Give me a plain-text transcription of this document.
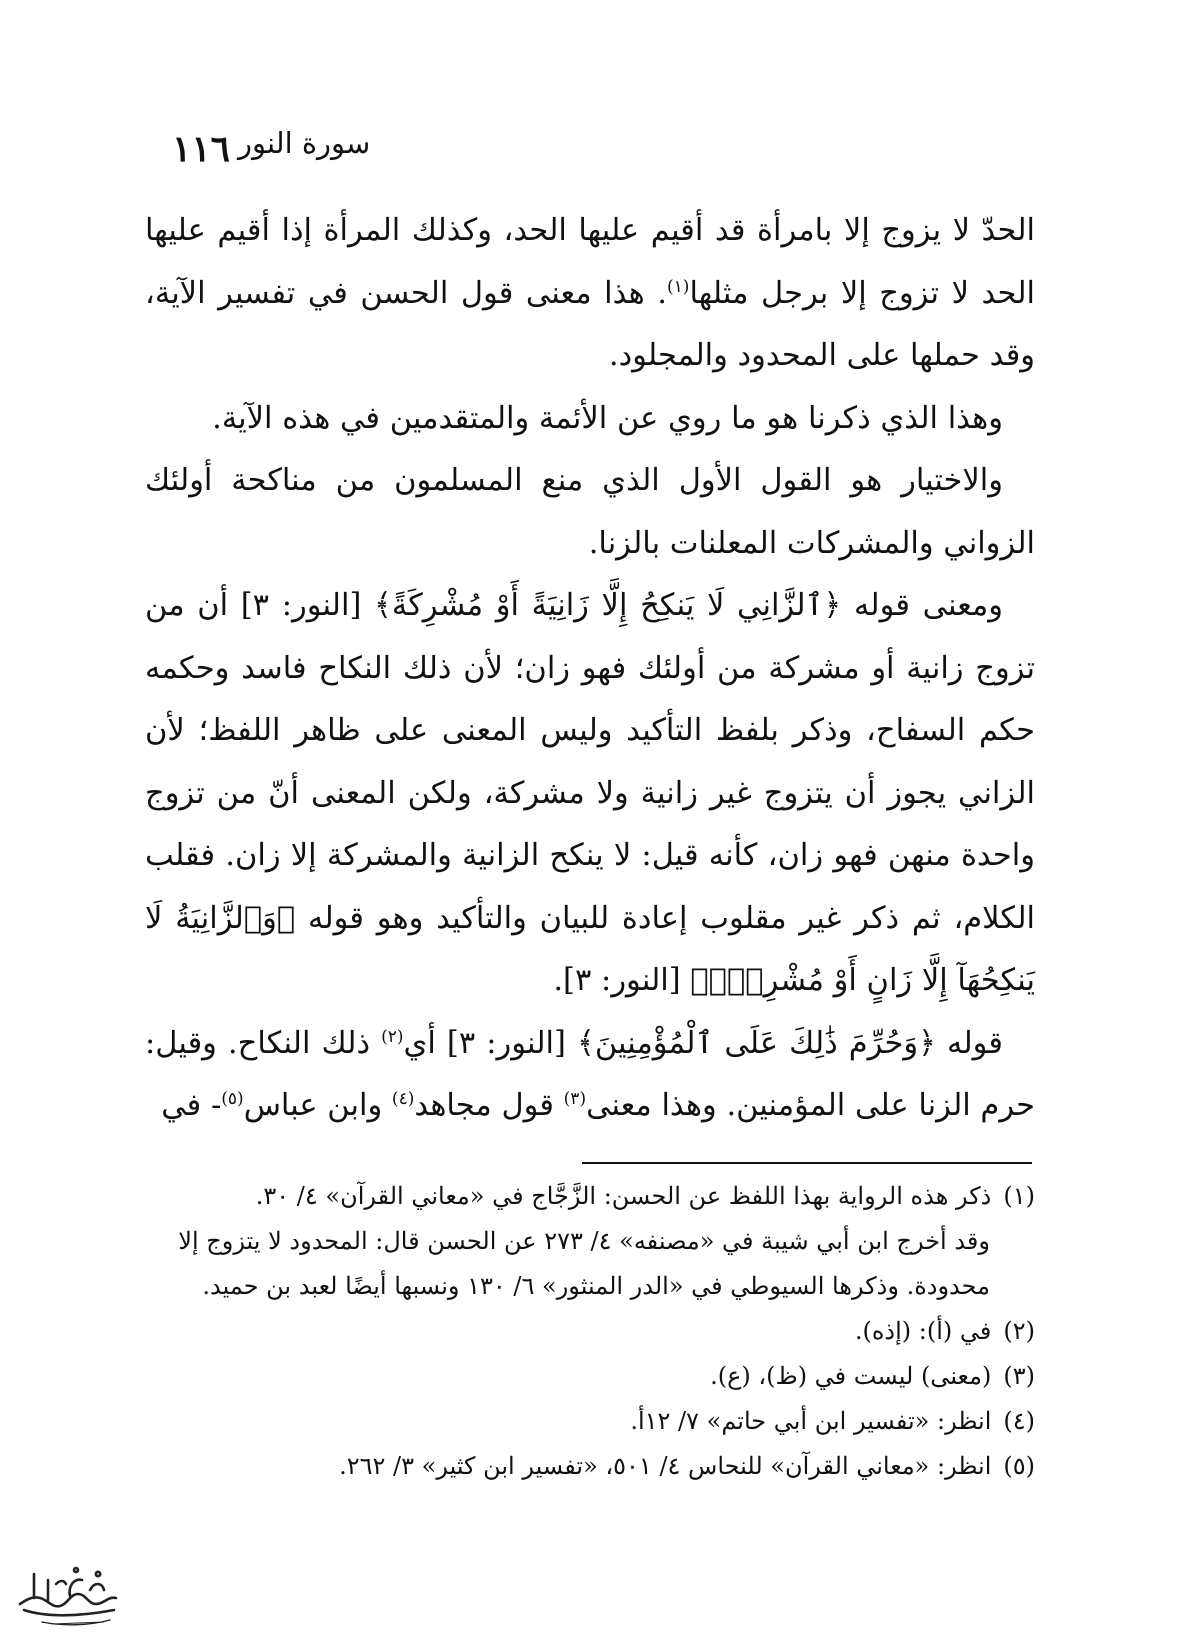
١١٦ سورة النور

الحدّ لا يزوج إلا بامرأة قد أقيم عليها الحد، وكذلك المرأة إذا أقيم عليها الحد لا تزوج إلا برجل مثلها$^{(١)}$. هذا معنى قول الحسن في تفسير الآية، وقد حملها على المحدود والمجلود.

وهذا الذي ذكرنا هو ما روي عن الأئمة والمتقدمين في هذه الآية.

والاختيار هو القول الأول الذي منع المسلمون من مناكحة أولئك الزواني والمشركات المعلنات بالزنا.

ومعنى قوله ﴿ٱلزَّانِي لَا يَنكِحُ إِلَّا زَانِيَةً أَوْ مُشْرِكَةً﴾ [النور: ٣] أن من تزوج زانية أو مشركة من أولئك فهو زان؛ لأن ذلك النكاح فاسد وحكمه حكم السفاح، وذكر بلفظ التأكيد وليس المعنى على ظاهر اللفظ؛ لأن الزاني يجوز أن يتزوج غير زانية ولا مشركة، ولكن المعنى أنّ من تزوج واحدة منهن فهو زان، كأنه قيل: لا ينكح الزانية والمشركة إلا زان. فقلب الكلام، ثم ذكر غير مقلوب إعادة للبيان والتأكيد وهو قوله ﴿وَٱلزَّانِيَةُ لَا يَنكِحُهَآ إِلَّا زَانٍ أَوْ مُشْرِكٌۚ﴾ [النور: ٣].

قوله ﴿وَحُرِّمَ ذَٰلِكَ عَلَى ٱلْمُؤْمِنِينَ﴾ [النور: ٣] أي$^{(٢)}$ ذلك النكاح. وقيل: حرم الزنا على المؤمنين. وهذا معنى$^{(٣)}$ قول مجاهد$^{(٤)}$ وابن عباس$^{(٥)}$- في

(١)ذكر هذه الرواية بهذا اللفظ عن الحسن: الزَّجَّاج في «معاني القرآن» ٤/ ٣٠.
وقد أخرج ابن أبي شيبة في «مصنفه» ٤/ ٢٧٣ عن الحسن قال: المحدود لا يتزوج إلا
محدودة. وذكرها السيوطي في «الدر المنثور» ٦/ ١٣٠ ونسبها أيضًا لعبد بن حميد.
(٢)في (أ): (إذه).
(٣)(معنى) ليست في (ظ)، (ع).
(٤)انظر: «تفسير ابن أبي حاتم» ٧/ ١٢أ.
(٥)انظر: «معاني القرآن» للنحاس ٤/ ٥٠١، «تفسير ابن كثير» ٣/ ٢٦٢.
